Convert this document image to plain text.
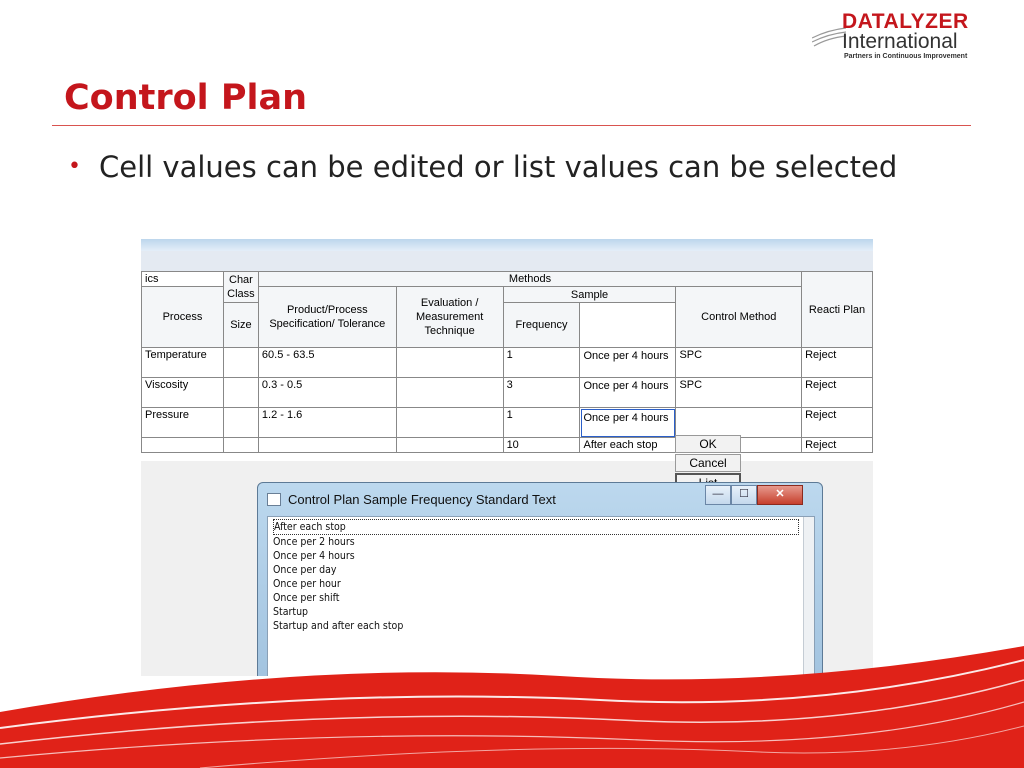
DATALYZER
International
Partners in Continuous Improvement
Control Plan
• Cell values can be edited or list values can be selected
ics	Char Class	Methods					Reacti Plan
Process		Product/Process Specification/ Tolerance	Evaluation / Measurement Technique	Sample		Control Method	
	Size			Frequency			
Temperature		60.5 - 63.5		1	Once per 4 hours	SPC	Reject
Viscosity		0.3 - 0.5		3	Once per 4 hours	SPC	Reject
Pressure		1.2 - 1.6		1	Once per 4 hours		Reject
				10	After each stop		Reject
OK
Cancel
Control Plan Sample Frequency Standard Text	—	☐	✕
After each stop
Once per 2 hours
Once per 4 hours
Once per day
Once per hour
Once per shift
Startup
Startup and after each stop
